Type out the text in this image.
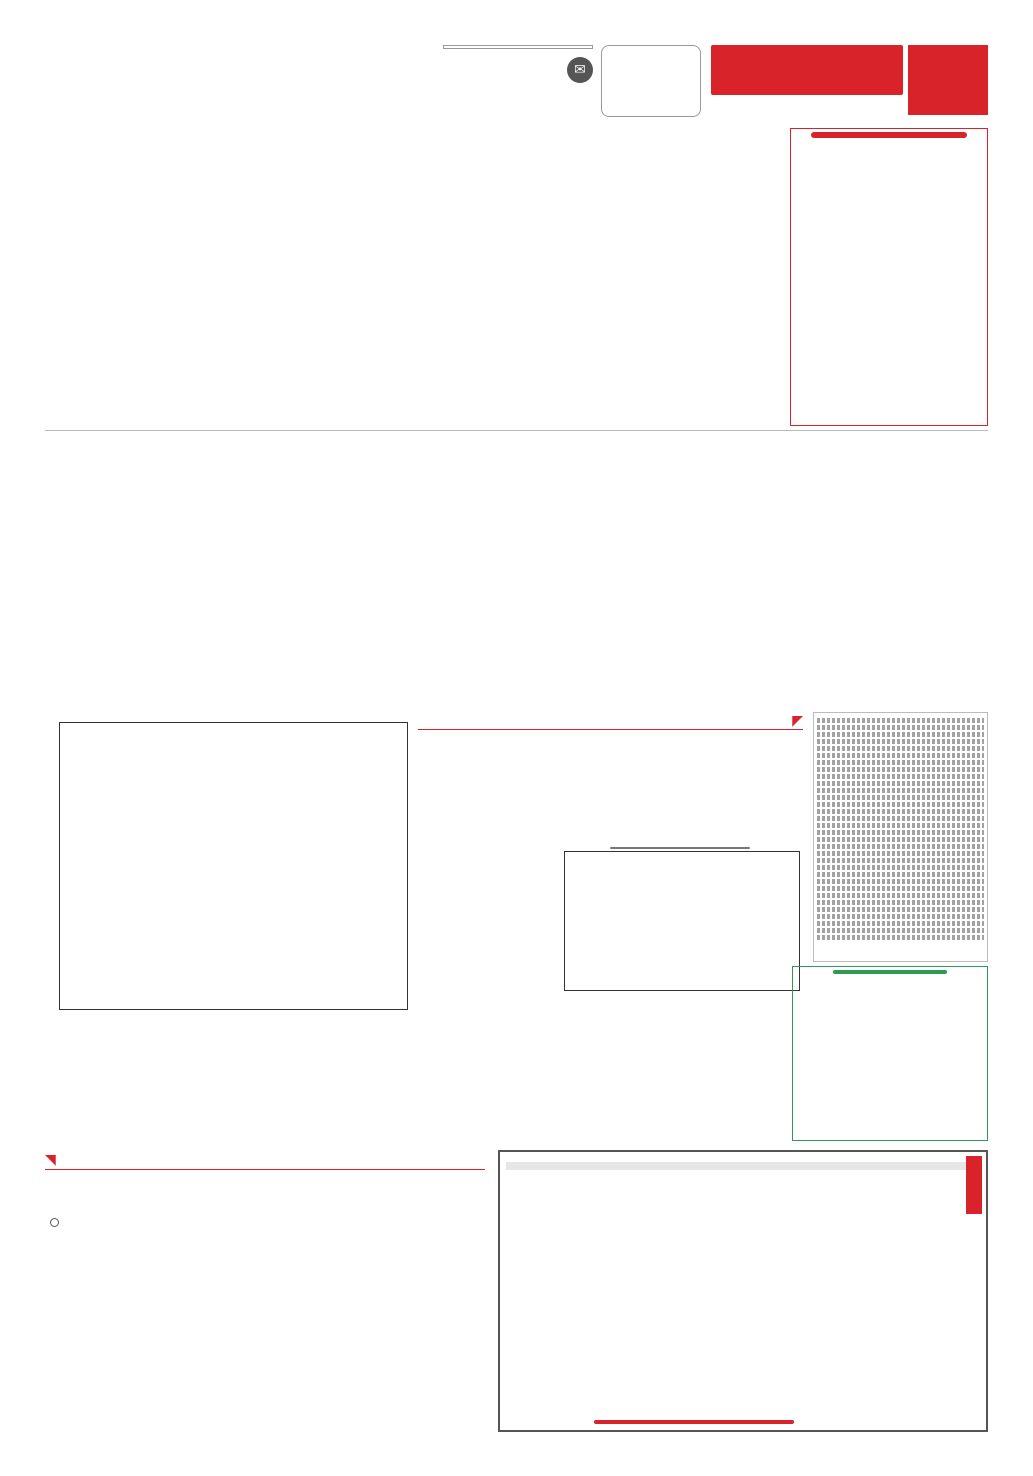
✉
◤
◥
